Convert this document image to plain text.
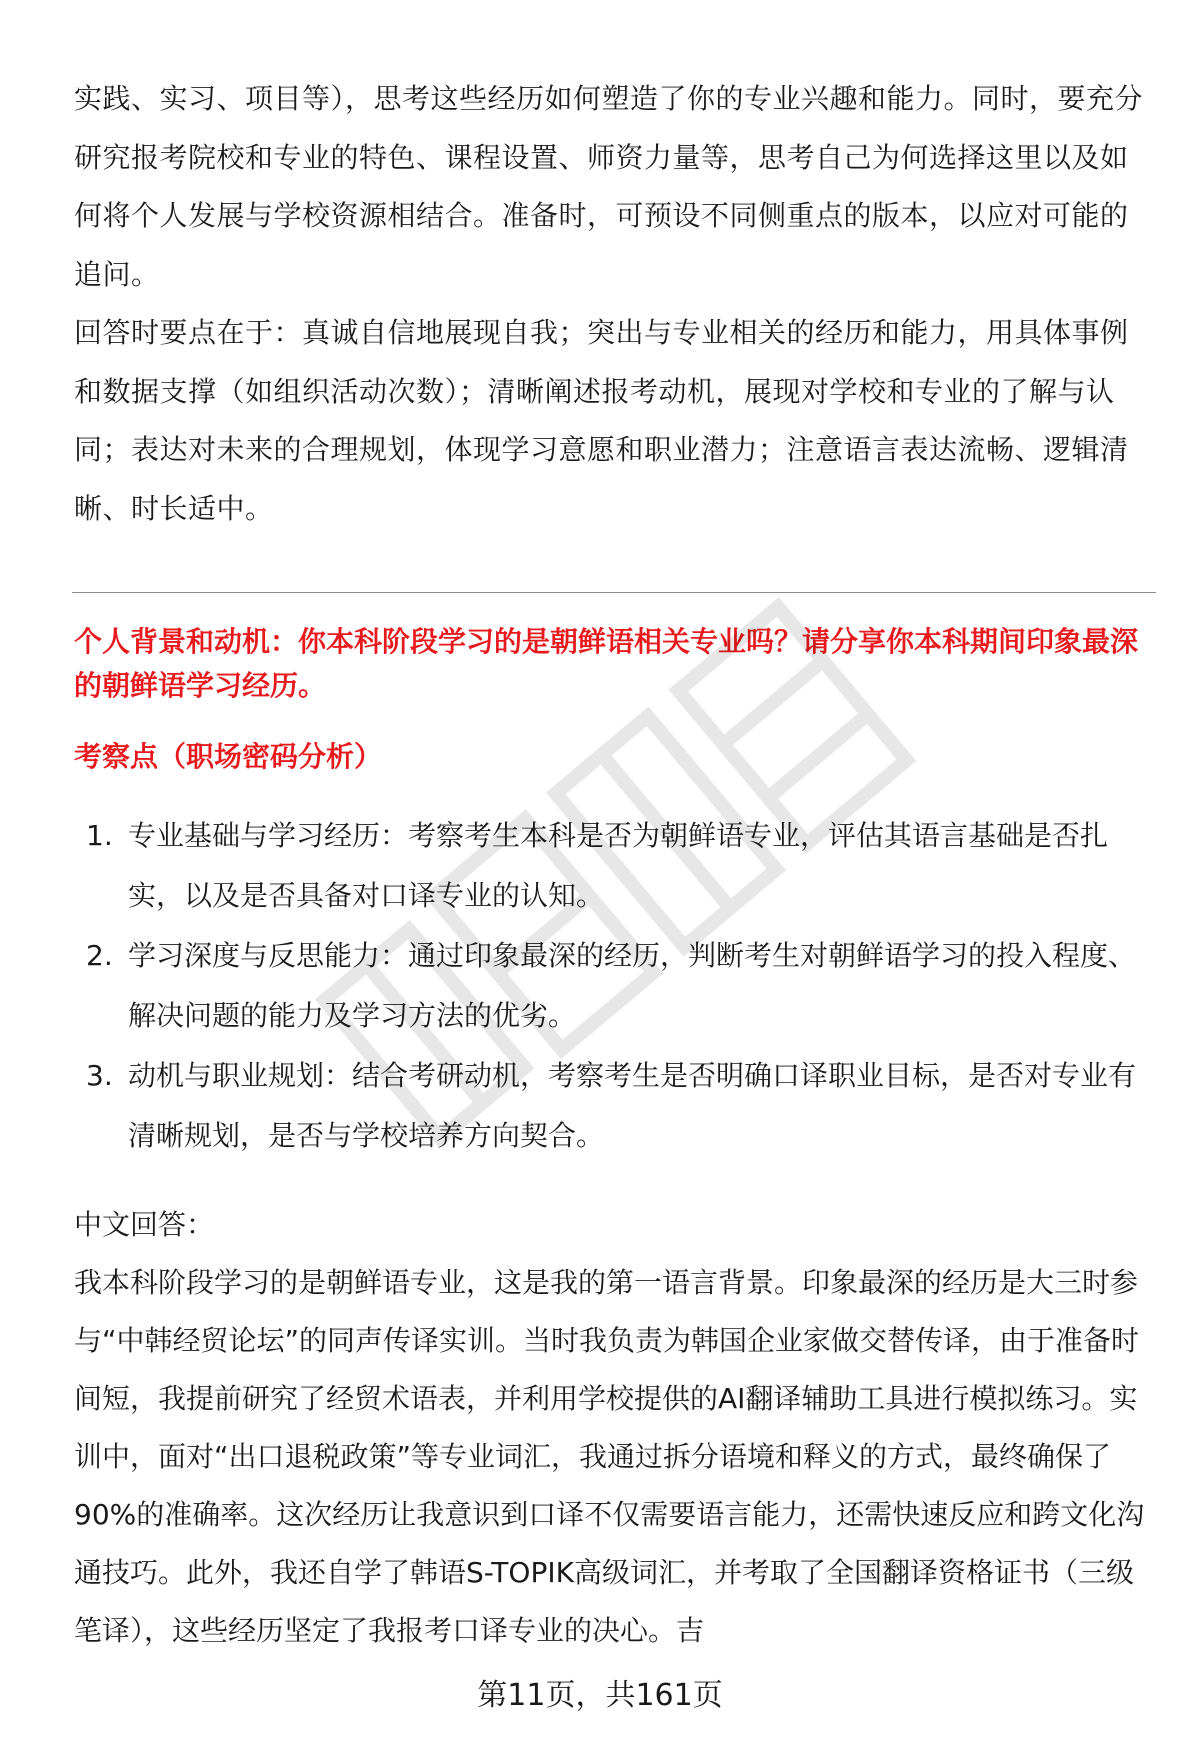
实践、实习、项目等），思考这些经历如何塑造了你的专业兴趣和能力。同时，要充分研究报考院校和专业的特色、课程设置、师资力量等，思考自己为何选择这里以及如何将个人发展与学校资源相结合。准备时，可预设不同侧重点的版本，以应对可能的追问。

回答时要点在于：真诚自信地展现自我；突出与专业相关的经历和能力，用具体事例和数据支撑（如组织活动次数）；清晰阐述报考动机，展现对学校和专业的了解与认同；表达对未来的合理规划，体现学习意愿和职业潜力；注意语言表达流畅、逻辑清晰、时长适中。

个人背景和动机：你本科阶段学习的是朝鲜语相关专业吗？请分享你本科期间印象最深的朝鲜语学习经历。

考察点（职场密码分析）

1. 专业基础与学习经历：考察考生本科是否为朝鲜语专业，评估其语言基础是否扎实，以及是否具备对口译专业的认知。
2. 学习深度与反思能力：通过印象最深的经历，判断考生对朝鲜语学习的投入程度、解决问题的能力及学习方法的优劣。
3. 动机与职业规划：结合考研动机，考察考生是否明确口译职业目标，是否对专业有清晰规划，是否与学校培养方向契合。

中文回答：

我本科阶段学习的是朝鲜语专业，这是我的第一语言背景。印象最深的经历是大三时参与“中韩经贸论坛”的同声传译实训。当时我负责为韩国企业家做交替传译，由于准备时间短，我提前研究了经贸术语表，并利用学校提供的AI翻译辅助工具进行模拟练习。实训中，面对“出口退税政策”等专业词汇，我通过拆分语境和释义的方式，最终确保了90%的准确率。这次经历让我意识到口译不仅需要语言能力，还需快速反应和跨文化沟通技巧。此外，我还自学了韩语S-TOPIK高级词汇，并考取了全国翻译资格证书（三级笔译），这些经历坚定了我报考口译专业的决心。吉

第11页，共161页
